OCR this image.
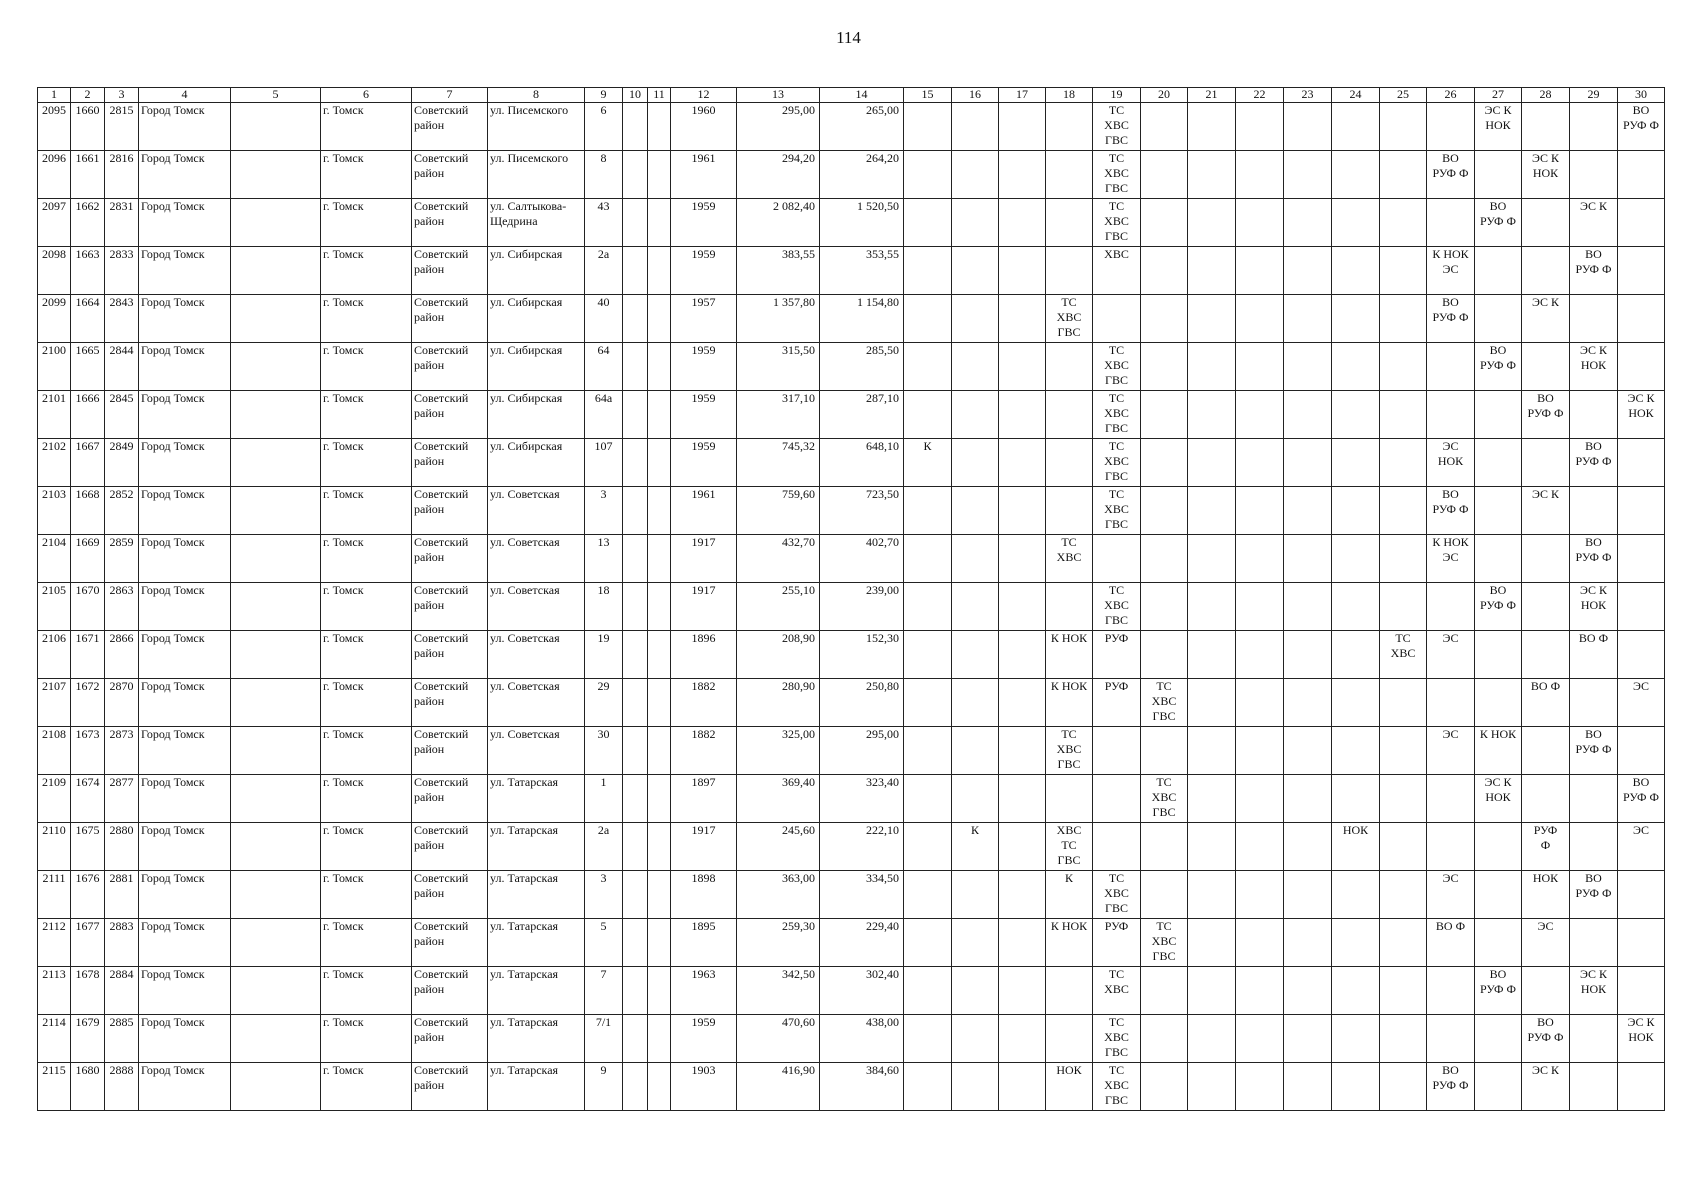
114
1	2	3	4	5	6	7	8	9	10	11	12	13	14	15	16	17	18	19	20	21	22	23	24	25	26	27	28	29	30
2095	1660	2815	Город Томск		г. Томск	Советский район	ул. Писемского	6			1960	295,00	265,00					ТС
ХВС
ГВС								ЭС К
НОК			ВО
РУФ Ф
2096	1661	2816	Город Томск		г. Томск	Советский район	ул. Писемского	8			1961	294,20	264,20					ТС
ХВС
ГВС							ВО
РУФ Ф		ЭС К
НОК		
2097	1662	2831	Город Томск		г. Томск	Советский район	ул. Салтыкова-Щедрина	43			1959	2 082,40	1 520,50					ТС
ХВС
ГВС								ВО
РУФ Ф		ЭС К	
2098	1663	2833	Город Томск		г. Томск	Советский район	ул. Сибирская	2а			1959	383,55	353,55					ХВС							К НОК
ЭС			ВО
РУФ Ф	
2099	1664	2843	Город Томск		г. Томск	Советский район	ул. Сибирская	40			1957	1 357,80	1 154,80				ТС
ХВС
ГВС								ВО
РУФ Ф		ЭС К		
2100	1665	2844	Город Томск		г. Томск	Советский район	ул. Сибирская	64			1959	315,50	285,50					ТС
ХВС
ГВС								ВО
РУФ Ф		ЭС К
НОК	
2101	1666	2845	Город Томск		г. Томск	Советский район	ул. Сибирская	64а			1959	317,10	287,10					ТС
ХВС
ГВС									ВО
РУФ Ф		ЭС К
НОК
2102	1667	2849	Город Томск		г. Томск	Советский район	ул. Сибирская	107			1959	745,32	648,10	К				ТС
ХВС
ГВС							ЭС
НОК			ВО
РУФ Ф	
2103	1668	2852	Город Томск		г. Томск	Советский район	ул. Советская	3			1961	759,60	723,50					ТС
ХВС
ГВС							ВО
РУФ Ф		ЭС К		
2104	1669	2859	Город Томск		г. Томск	Советский район	ул. Советская	13			1917	432,70	402,70				ТС
ХВС								К НОК
ЭС			ВО
РУФ Ф	
2105	1670	2863	Город Томск		г. Томск	Советский район	ул. Советская	18			1917	255,10	239,00					ТС
ХВС
ГВС								ВО
РУФ Ф		ЭС К
НОК	
2106	1671	2866	Город Томск		г. Томск	Советский район	ул. Советская	19			1896	208,90	152,30				К НОК	РУФ						ТС
ХВС	ЭС			ВО Ф	
2107	1672	2870	Город Томск		г. Томск	Советский район	ул. Советская	29			1882	280,90	250,80				К НОК	РУФ	ТС
ХВС
ГВС								ВО Ф		ЭС
2108	1673	2873	Город Томск		г. Томск	Советский район	ул. Советская	30			1882	325,00	295,00				ТС
ХВС
ГВС								ЭС	К НОК		ВО
РУФ Ф	
2109	1674	2877	Город Томск		г. Томск	Советский район	ул. Татарская	1			1897	369,40	323,40						ТС
ХВС
ГВС							ЭС К
НОК			ВО
РУФ Ф
2110	1675	2880	Город Томск		г. Томск	Советский район	ул. Татарская	2а			1917	245,60	222,10		К		ХВС
ТС
ГВС						НОК				РУФ
Ф		ЭС
2111	1676	2881	Город Томск		г. Томск	Советский район	ул. Татарская	3			1898	363,00	334,50				К	ТС
ХВС
ГВС							ЭС		НОК	ВО
РУФ Ф	
2112	1677	2883	Город Томск		г. Томск	Советский район	ул. Татарская	5			1895	259,30	229,40				К НОК	РУФ	ТС
ХВС
ГВС						ВО Ф		ЭС		
2113	1678	2884	Город Томск		г. Томск	Советский район	ул. Татарская	7			1963	342,50	302,40					ТС
ХВС								ВО
РУФ Ф		ЭС К
НОК	
2114	1679	2885	Город Томск		г. Томск	Советский район	ул. Татарская	7/1			1959	470,60	438,00					ТС
ХВС
ГВС									ВО
РУФ Ф		ЭС К
НОК
2115	1680	2888	Город Томск		г. Томск	Советский район	ул. Татарская	9			1903	416,90	384,60				НОК	ТС
ХВС
ГВС							ВО
РУФ Ф		ЭС К		
